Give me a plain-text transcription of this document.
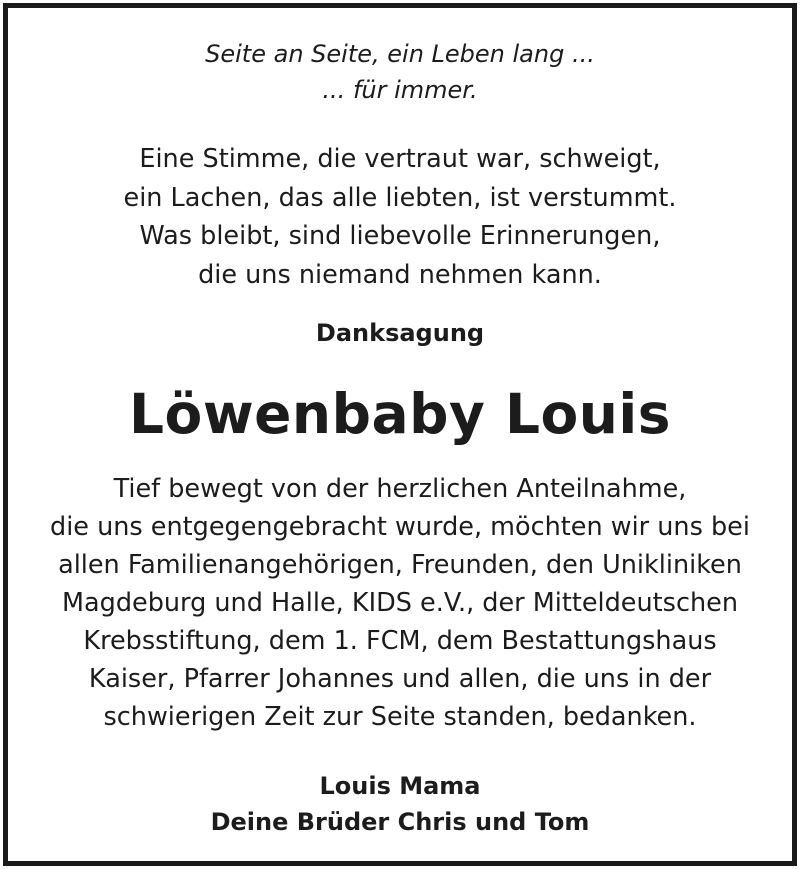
Seite an Seite, ein Leben lang ...
... für immer.
Eine Stimme, die vertraut war, schweigt,
ein Lachen, das alle liebten, ist verstummt.
Was bleibt, sind liebevolle Erinnerungen,
die uns niemand nehmen kann.
Danksagung
Löwenbaby Louis
Tief bewegt von der herzlichen Anteilnahme,
die uns entgegengebracht wurde, möchten wir uns bei
allen Familienangehörigen, Freunden, den Unikliniken
Magdeburg und Halle, KIDS e.V., der Mitteldeutschen
Krebsstiftung, dem 1. FCM, dem Bestattungshaus
Kaiser, Pfarrer Johannes und allen, die uns in der
schwierigen Zeit zur Seite standen, bedanken.
Louis Mama
Deine Brüder Chris und Tom
